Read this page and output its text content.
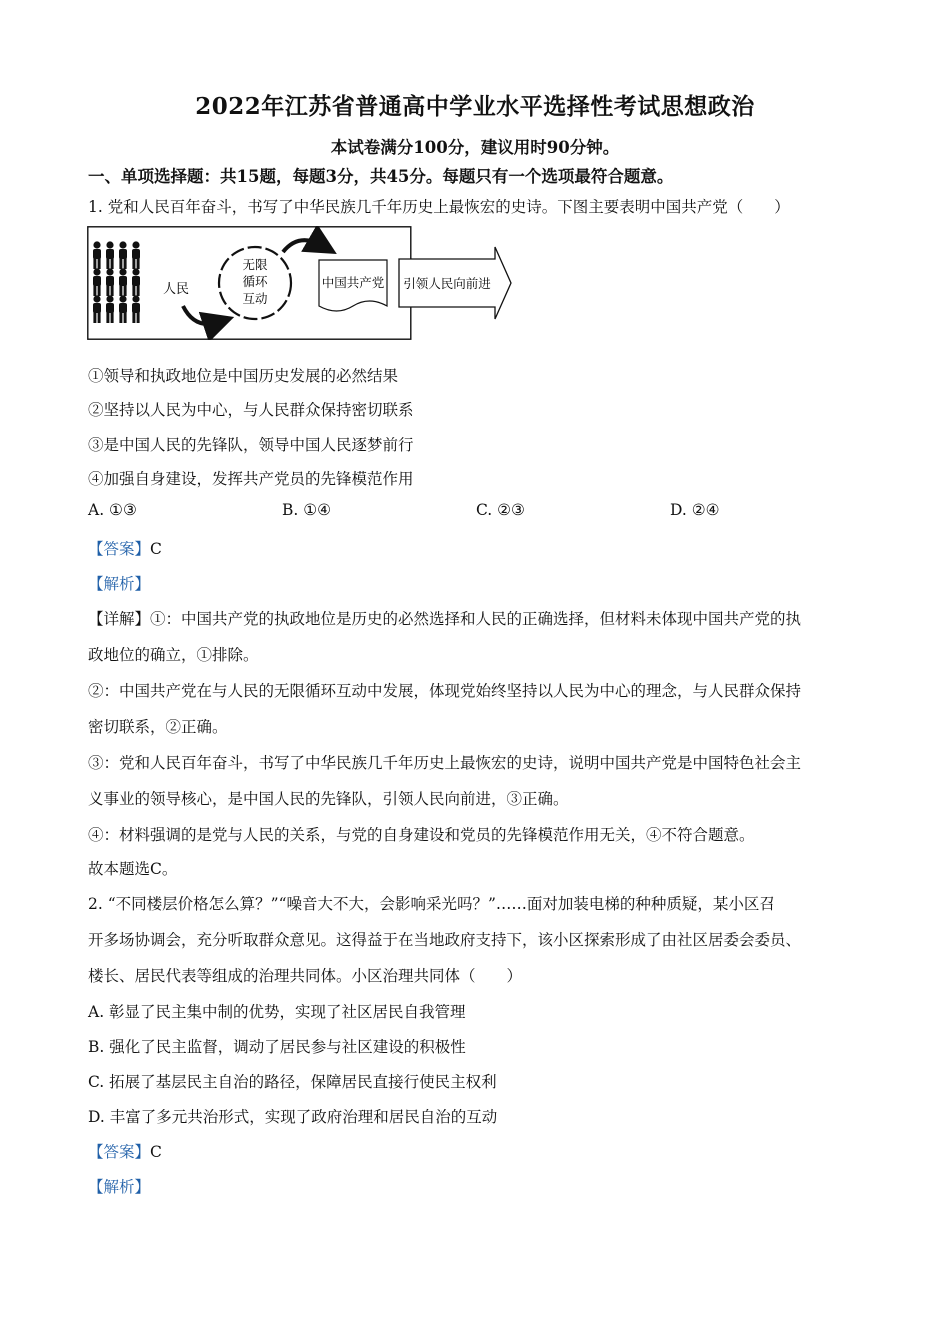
2022年江苏省普通高中学业水平选择性考试思想政治
本试卷满分100分，建议用时90分钟。
一、单项选择题：共15题，每题3分，共45分。每题只有一个选项最符合题意。
1. 党和人民百年奋斗，书写了中华民族几千年历史上最恢宏的史诗。下图主要表明中国共产党（　　）
人民
无限
循环
互动
中国共产党 引领人民向前进
①领导和执政地位是中国历史发展的必然结果
②坚持以人民为中心，与人民群众保持密切联系
③是中国人民的先锋队，领导中国人民逐梦前行
④加强自身建设，发挥共产党员的先锋模范作用
A. ①③	B. ①④	C. ②③	D. ②④
【答案】C
【解析】
【详解】①：中国共产党的执政地位是历史的必然选择和人民的正确选择，但材料未体现中国共产党的执
政地位的确立，①排除。
②：中国共产党在与人民的无限循环互动中发展，体现党始终坚持以人民为中心的理念，与人民群众保持
密切联系，②正确。
③：党和人民百年奋斗，书写了中华民族几千年历史上最恢宏的史诗，说明中国共产党是中国特色社会主
义事业的领导核心，是中国人民的先锋队，引领人民向前进，③正确。
④：材料强调的是党与人民的关系，与党的自身建设和党员的先锋模范作用无关，④不符合题意。
故本题选C。
2. “不同楼层价格怎么算？”“噪音大不大，会影响采光吗？”……面对加装电梯的种种质疑，某小区召
开多场协调会，充分听取群众意见。这得益于在当地政府支持下，该小区探索形成了由社区居委会委员、
楼长、居民代表等组成的治理共同体。小区治理共同体（　　）
A. 彰显了民主集中制的优势，实现了社区居民自我管理
B. 强化了民主监督，调动了居民参与社区建设的积极性
C. 拓展了基层民主自治的路径，保障居民直接行使民主权利
D. 丰富了多元共治形式，实现了政府治理和居民自治的互动
【答案】C
【解析】
